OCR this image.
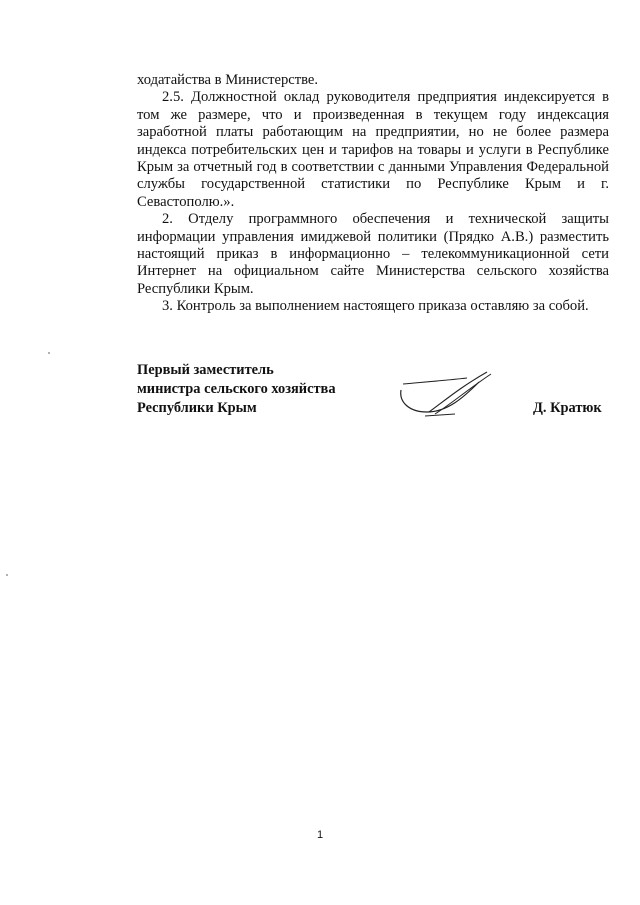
ходатайства в Министерстве.

2.5. Должностной оклад руководителя предприятия индексируется в том же размере, что и произведенная в текущем году индексация заработной платы работающим на предприятии, но не более размера индекса потребительских цен и тарифов на товары и услуги в Республике Крым за отчетный год в соответствии с данными Управления Федеральной службы государственной статистики по Республике Крым и г. Севастополю.».

2. Отделу программного обеспечения и технической защиты информации управления имиджевой политики (Прядко А.В.) разместить настоящий приказ в информационно – телекоммуникационной сети Интернет на официальном сайте Министерства сельского хозяйства Республики Крым.

3. Контроль за выполнением настоящего приказа оставляю за собой.

Первый заместитель
министра сельского хозяйства
Республики Крым	Д. Кратюк
1
